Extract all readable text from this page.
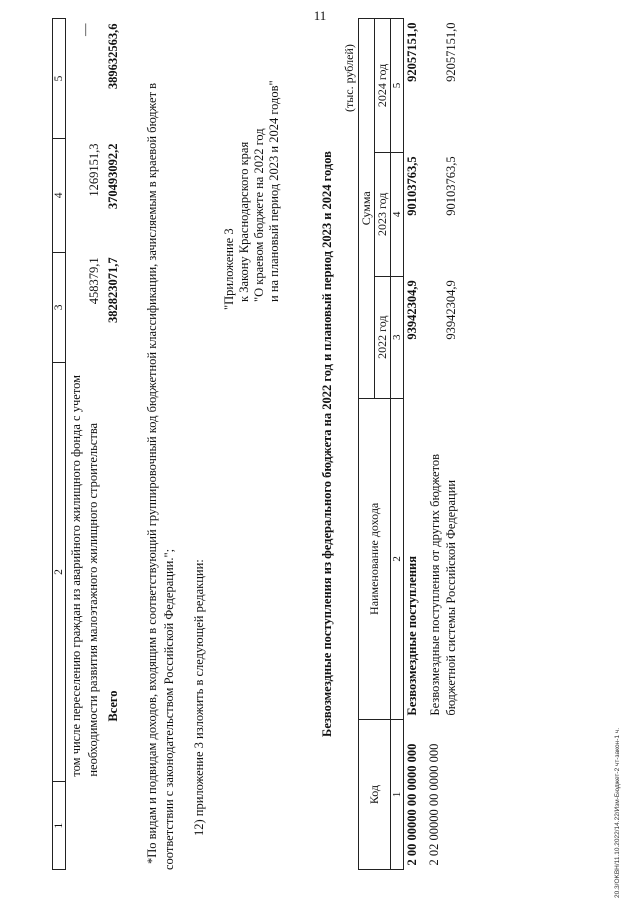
11
1	2	3	4	5
	том числе переселению граждан из аварийного жилищного фонда с учетом необходимости развития малоэтажного жилищного строительства	458379,1	1269151,3	—
	Всего	382823071,7	370493092,2	389632563,6
*По видам и подвидам доходов, входящим в соответствующий группировочный код бюджетной классификации, зачисляемым в краевой бюджет в соответствии с законодательством Российской Федерации."; 12) приложение 3 изложить в следующей редакции:
"Приложение 3 к Закону Краснодарского края "О краевом бюджете на 2022 год и на плановый период 2023 и 2024 годов"	Безвозмездные поступления из федерального бюджета на 2022 год и плановый период 2023 и 2024 годов
(тыс. рублей)
Код	Наименование дохода	Сумма		
		2022 год	2023 год	2024 год
1	2	3	4	5
2 00 00000 00 0000 000	Безвозмездные поступления	93942304,9	90103763,5	92057151,0
2 02 00000 00 0000 000	Безвозмездные поступления от других бюджетов бюджетной системы Российской Федерации	93942304,9	90103763,5	92057151,0
20.3/OKBH/11.10.2022/14.22/Изм-Бюджет-2 чт-закон-1 ч.
